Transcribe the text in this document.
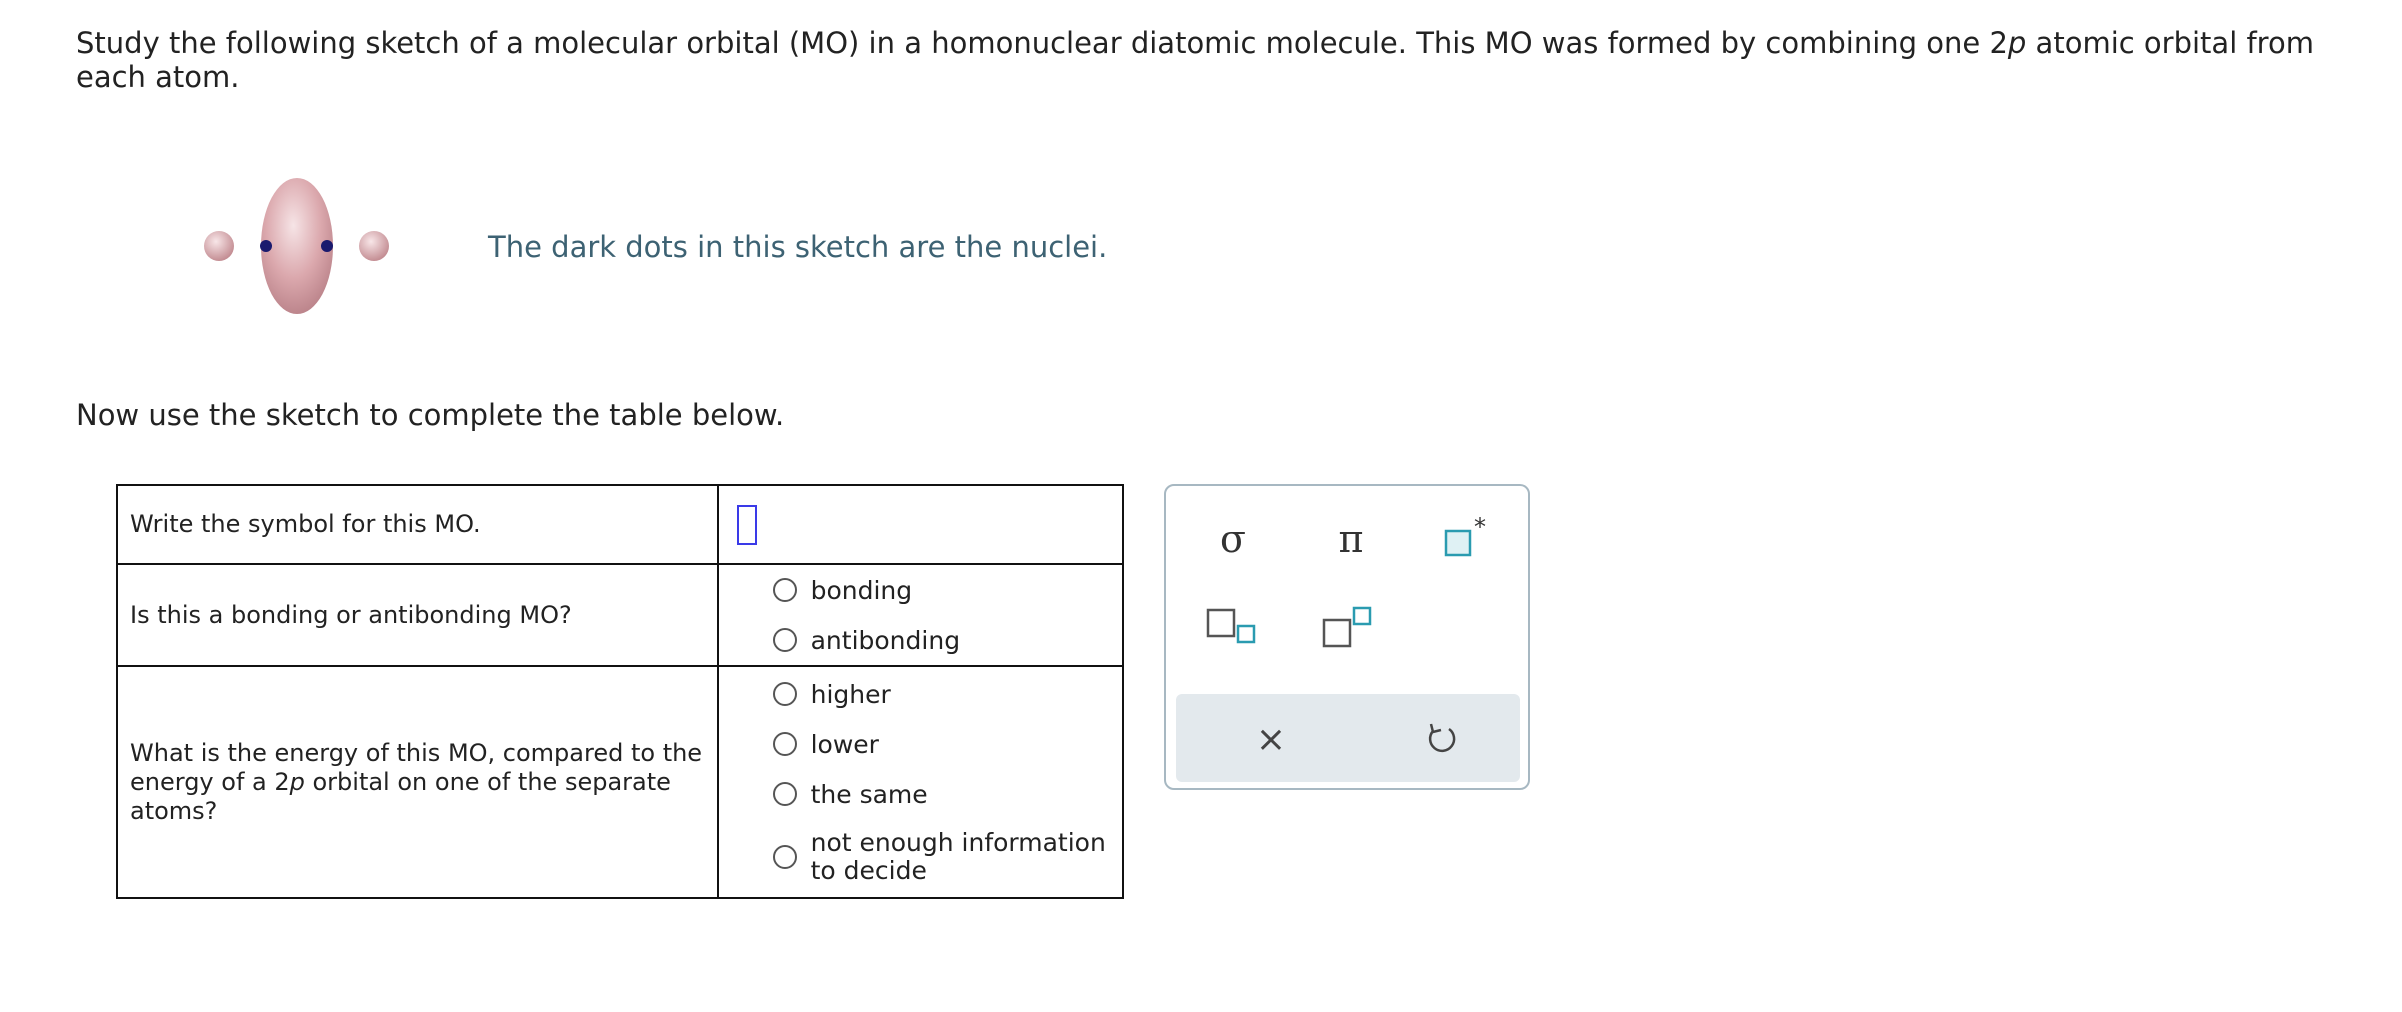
Study the following sketch of a molecular orbital (MO) in a homonuclear diatomic molecule. This MO was formed by combining one 2p atomic orbital from each atom.
The dark dots in this sketch are the nuclei.
Now use the sketch to complete the table below.
Write the symbol for this MO.	
Is this a bonding or antibonding MO?	bonding
antibonding

What is the energy of this MO, compared to the energy of a 2p orbital on one of the separate atoms?	higher
lower
the same
not enough information to decide
σ	π	*
×
